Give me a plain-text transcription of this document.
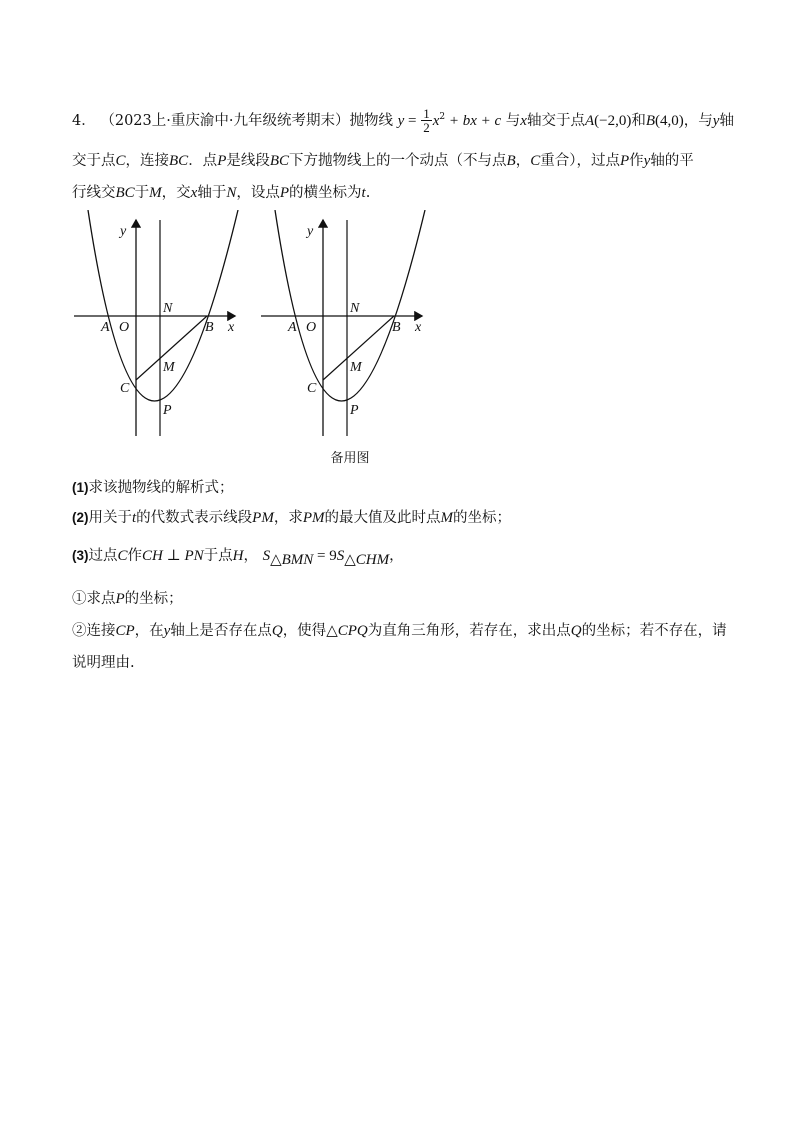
4． （2023上·重庆渝中·九年级统考期末）抛物线 $y = \frac{1}{2} x^2$ + bx + c 与x轴交于点A(−2,0)和B(4,0)，与y轴
交于点C，连接BC．点P是线段BC下方抛物线上的一个动点（不与点B，C重合），过点P作y轴的平
行线交BC于M，交x轴于N，设点P的横坐标为t.
y
x
A O	B
N
C
M
P
y
x
A O	B
N
C
M
P
备用图
(1)求该抛物线的解析式；
(2)用关于t的代数式表示线段PM，求PM的最大值及此时点M的坐标；
(3)过点C作CH ⊥ PN于点H， $S_{\triangle BMN} = 9S_{\triangle CHM}$，
①求点P的坐标；
②连接CP，在y轴上是否存在点Q，使得△CPQ为直角三角形，若存在，求出点Q的坐标；若不存在，请
说明理由.
